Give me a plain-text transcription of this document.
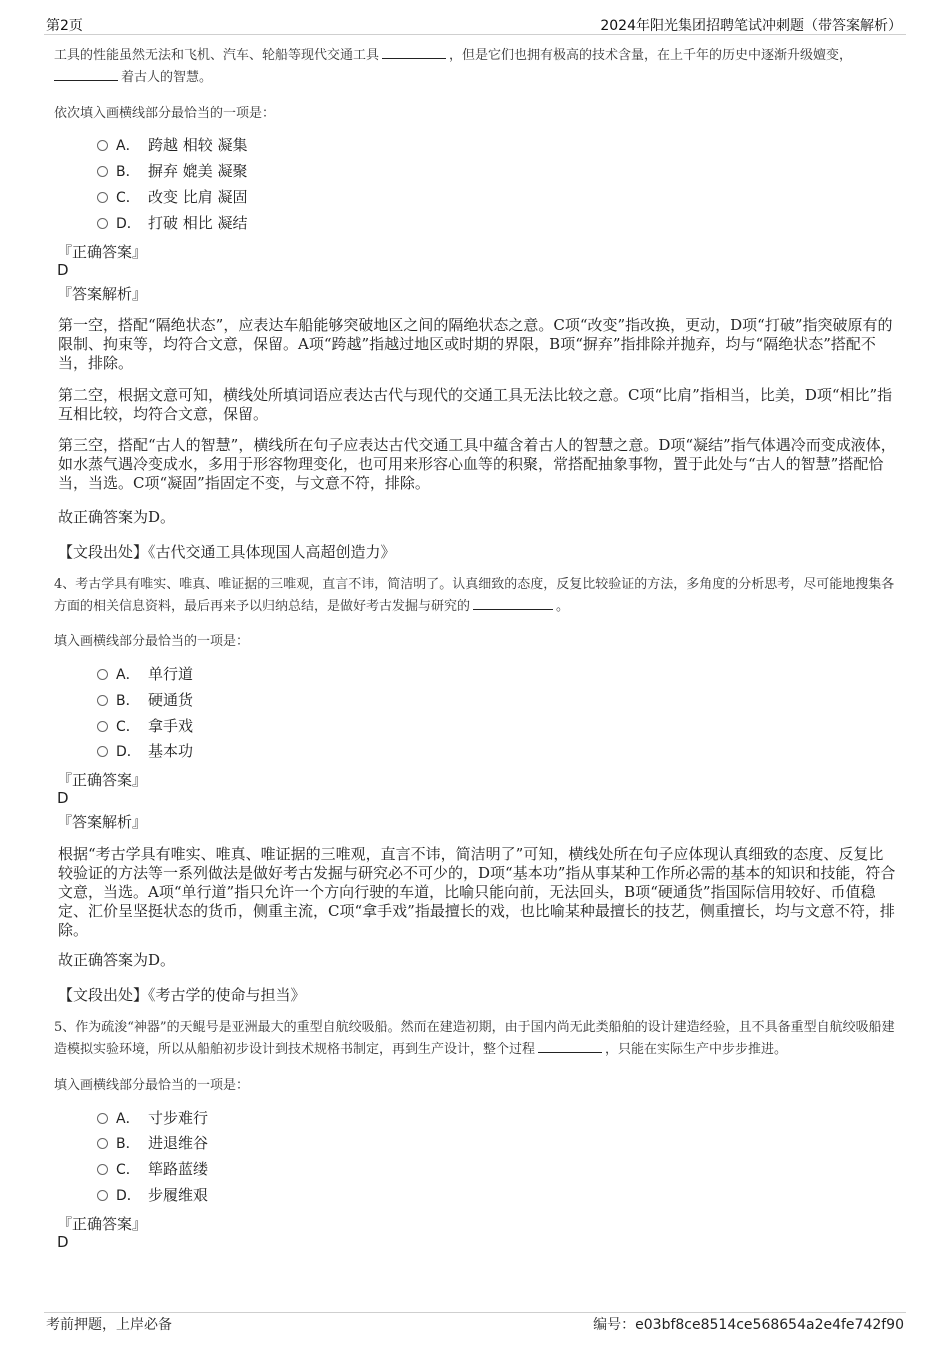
第2页	2024年阳光集团招聘笔试冲刺题（带答案解析）
工具的性能虽然无法和飞机、汽车、轮船等现代交通工具	，但是它们也拥有极高的技术含量，在上千年的历史中逐渐升级嬗变，
着古人的智慧。
依次填入画横线部分最恰当的一项是：
A． 跨越 相较 凝集
B． 摒弃 媲美 凝聚
C． 改变 比肩 凝固
D． 打破 相比 凝结
『正确答案』
D
『答案解析』
第一空，搭配“隔绝状态”，应表达车船能够突破地区之间的隔绝状态之意。C项“改变”指改换，更动，D项“打破”指突破原有的限制、拘束等，均符合文意，保留。A项“跨越”指越过地区或时期的界限，B项“摒弃”指排除并抛弃，均与“隔绝状态”搭配不当，排除。
第二空，根据文意可知，横线处所填词语应表达古代与现代的交通工具无法比较之意。C项“比肩”指相当，比美，D项“相比”指互相比较，均符合文意，保留。
第三空，搭配“古人的智慧”，横线所在句子应表达古代交通工具中蕴含着古人的智慧之意。D项“凝结”指气体遇冷而变成液体，如水蒸气遇冷变成水，多用于形容物理变化，也可用来形容心血等的积聚，常搭配抽象事物，置于此处与“古人的智慧”搭配恰当，当选。C项“凝固”指固定不变，与文意不符，排除。
故正确答案为D。
【文段出处】《古代交通工具体现国人高超创造力》
4、考古学具有唯实、唯真、唯证据的三唯观，直言不讳，简洁明了。认真细致的态度，反复比较验证的方法，多角度的分析思考，尽可能地搜集各方面的相关信息资料，最后再来予以归纳总结，是做好考古发掘与研究的	。
填入画横线部分最恰当的一项是：
A． 单行道
B． 硬通货
C． 拿手戏
D． 基本功
『正确答案』
D
『答案解析』
根据“考古学具有唯实、唯真、唯证据的三唯观，直言不讳，简洁明了”可知，横线处所在句子应体现认真细致的态度、反复比较验证的方法等一系列做法是做好考古发掘与研究必不可少的，D项“基本功”指从事某种工作所必需的基本的知识和技能，符合文意，当选。A项“单行道”指只允许一个方向行驶的车道，比喻只能向前，无法回头，B项“硬通货”指国际信用较好、币值稳定、汇价呈坚挺状态的货币，侧重主流，C项“拿手戏”指最擅长的戏，也比喻某种最擅长的技艺，侧重擅长，均与文意不符，排除。
故正确答案为D。
【文段出处】《考古学的使命与担当》
5、作为疏浚“神器”的天鲲号是亚洲最大的重型自航绞吸船。然而在建造初期，由于国内尚无此类船舶的设计建造经验，且不具备重型自航绞吸船建造模拟实验环境，所以从船舶初步设计到技术规格书制定，再到生产设计，整个过程	，只能在实际生产中步步推进。
填入画横线部分最恰当的一项是：
A． 寸步难行
B． 进退维谷
C． 筚路蓝缕
D． 步履维艰
『正确答案』
D
考前押题，上岸必备	编号：e03bf8ce8514ce568654a2e4fe742f90
